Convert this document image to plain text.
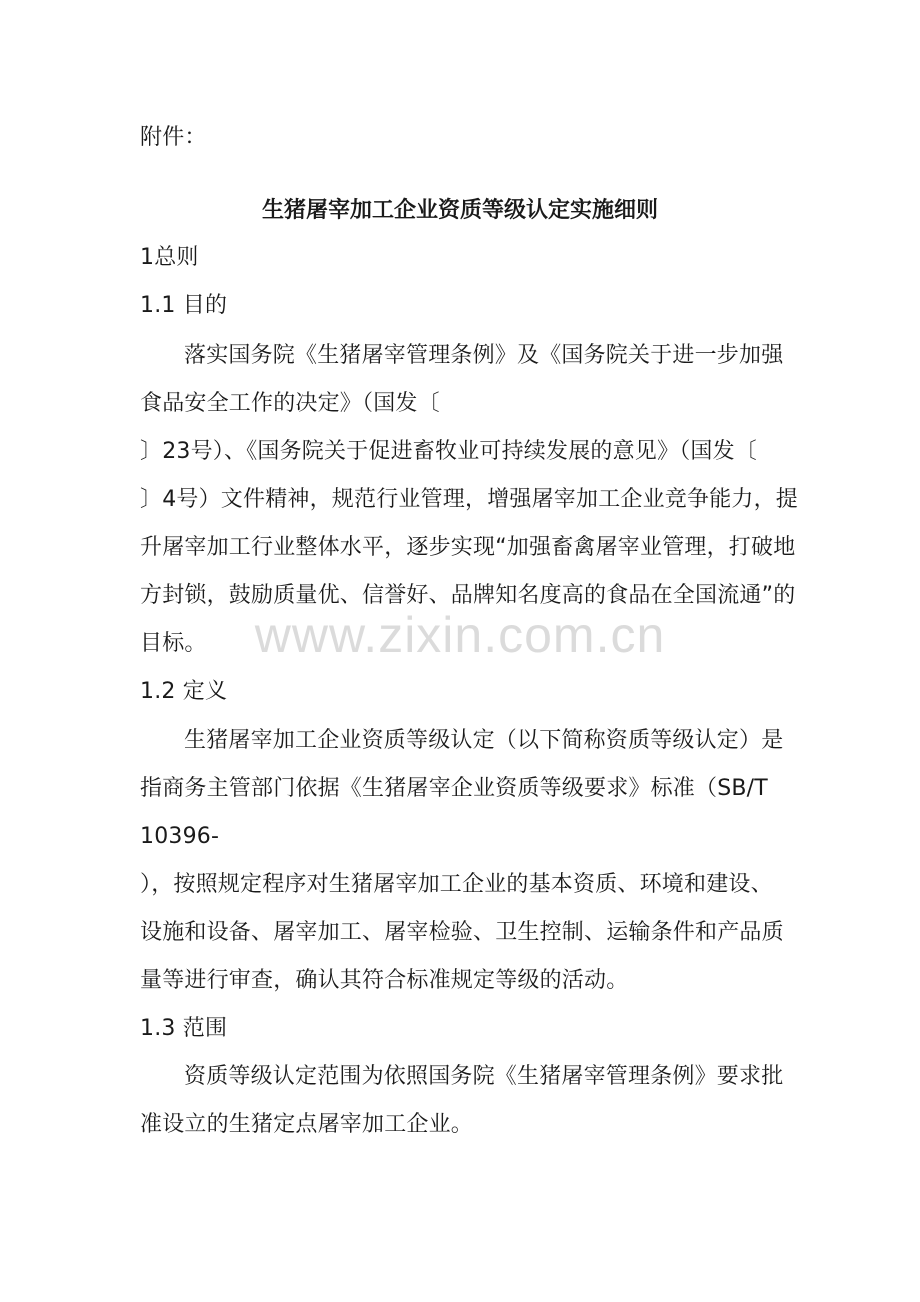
附件：
生猪屠宰加工企业资质等级认定实施细则
1总则
1.1 目的
落实国务院《生猪屠宰管理条例》及《国务院关于进一步加强
食品安全工作的决定》（国发〔
〕23号）、《国务院关于促进畜牧业可持续发展的意见》（国发〔
〕4号）文件精神，规范行业管理，增强屠宰加工企业竞争能力，提
升屠宰加工行业整体水平，逐步实现“加强畜禽屠宰业管理，打破地
方封锁，鼓励质量优、信誉好、品牌知名度高的食品在全国流通”的
目标。
1.2 定义
生猪屠宰加工企业资质等级认定（以下简称资质等级认定）是
指商务主管部门依据《生猪屠宰企业资质等级要求》标准（SB/T
10396-
），按照规定程序对生猪屠宰加工企业的基本资质、环境和建设、
设施和设备、屠宰加工、屠宰检验、卫生控制、运输条件和产品质
量等进行审查，确认其符合标准规定等级的活动。
1.3 范围
资质等级认定范围为依照国务院《生猪屠宰管理条例》要求批
准设立的生猪定点屠宰加工企业。
www.zixin.com.cn
